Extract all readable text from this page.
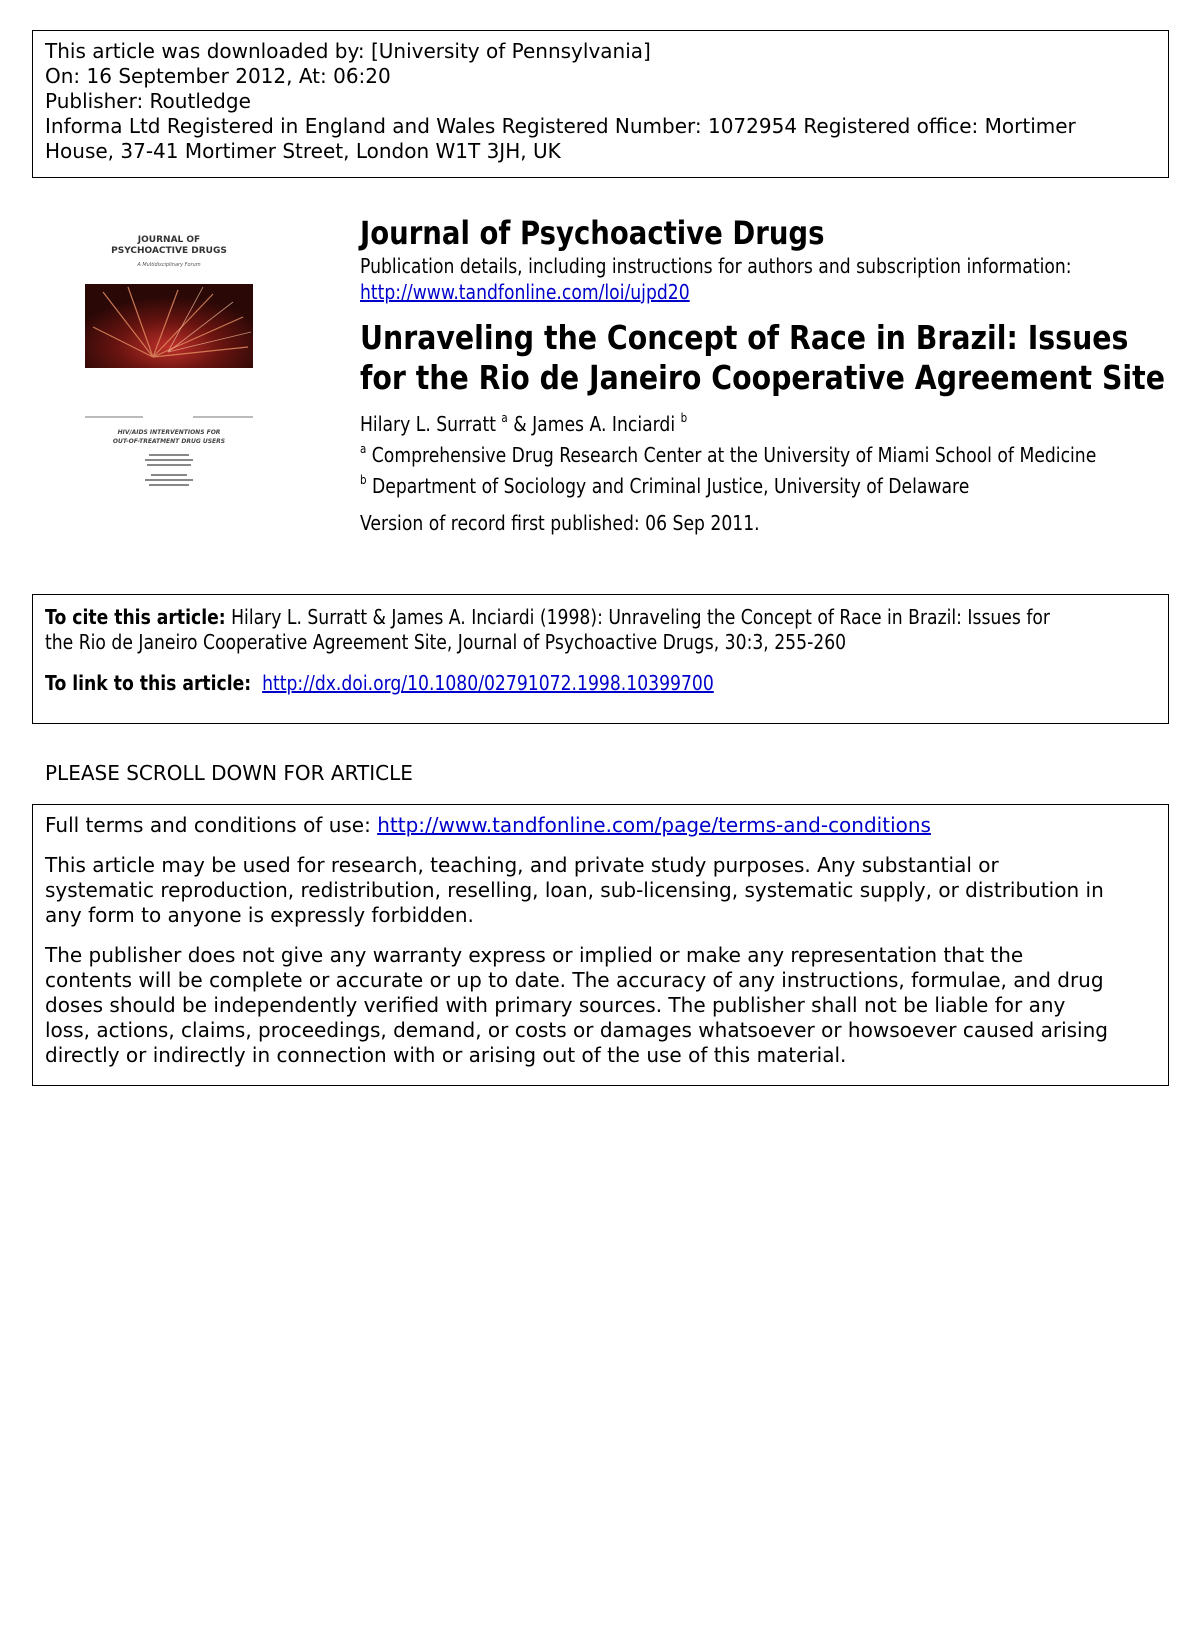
This article was downloaded by: [University of Pennsylvania]
On: 16 September 2012, At: 06:20
Publisher: Routledge
Informa Ltd Registered in England and Wales Registered Number: 1072954 Registered office: Mortimer
House, 37-41 Mortimer Street, London W1T 3JH, UK
JOURNAL OF
PSYCHOACTIVE DRUGS
A Multidisciplinary Forum
HIV/AIDS INTERVENTIONS FOR
OUT-OF-TREATMENT DRUG USERS
Journal of Psychoactive Drugs
Publication details, including instructions for authors and subscription information:
http://www.tandfonline.com/loi/ujpd20
Unraveling the Concept of Race in Brazil: Issues
for the Rio de Janeiro Cooperative Agreement Site
Hilary L. Surratt $^a$ & James A. Inciardi $^b$
$^a$ Comprehensive Drug Research Center at the University of Miami School of Medicine
$^b$ Department of Sociology and Criminal Justice, University of Delaware
Version of record first published: 06 Sep 2011.
To cite this article: Hilary L. Surratt & James A. Inciardi (1998): Unraveling the Concept of Race in Brazil: Issues for
the Rio de Janeiro Cooperative Agreement Site, Journal of Psychoactive Drugs, 30:3, 255-260
To link to this article: http://dx.doi.org/10.1080/02791072.1998.10399700
PLEASE SCROLL DOWN FOR ARTICLE

Full terms and conditions of use: http://www.tandfonline.com/page/terms-and-conditions

This article may be used for research, teaching, and private study purposes. Any substantial or
systematic reproduction, redistribution, reselling, loan, sub-licensing, systematic supply, or distribution in
any form to anyone is expressly forbidden.

The publisher does not give any warranty express or implied or make any representation that the
contents will be complete or accurate or up to date. The accuracy of any instructions, formulae, and drug
doses should be independently verified with primary sources. The publisher shall not be liable for any
loss, actions, claims, proceedings, demand, or costs or damages whatsoever or howsoever caused arising
directly or indirectly in connection with or arising out of the use of this material.
